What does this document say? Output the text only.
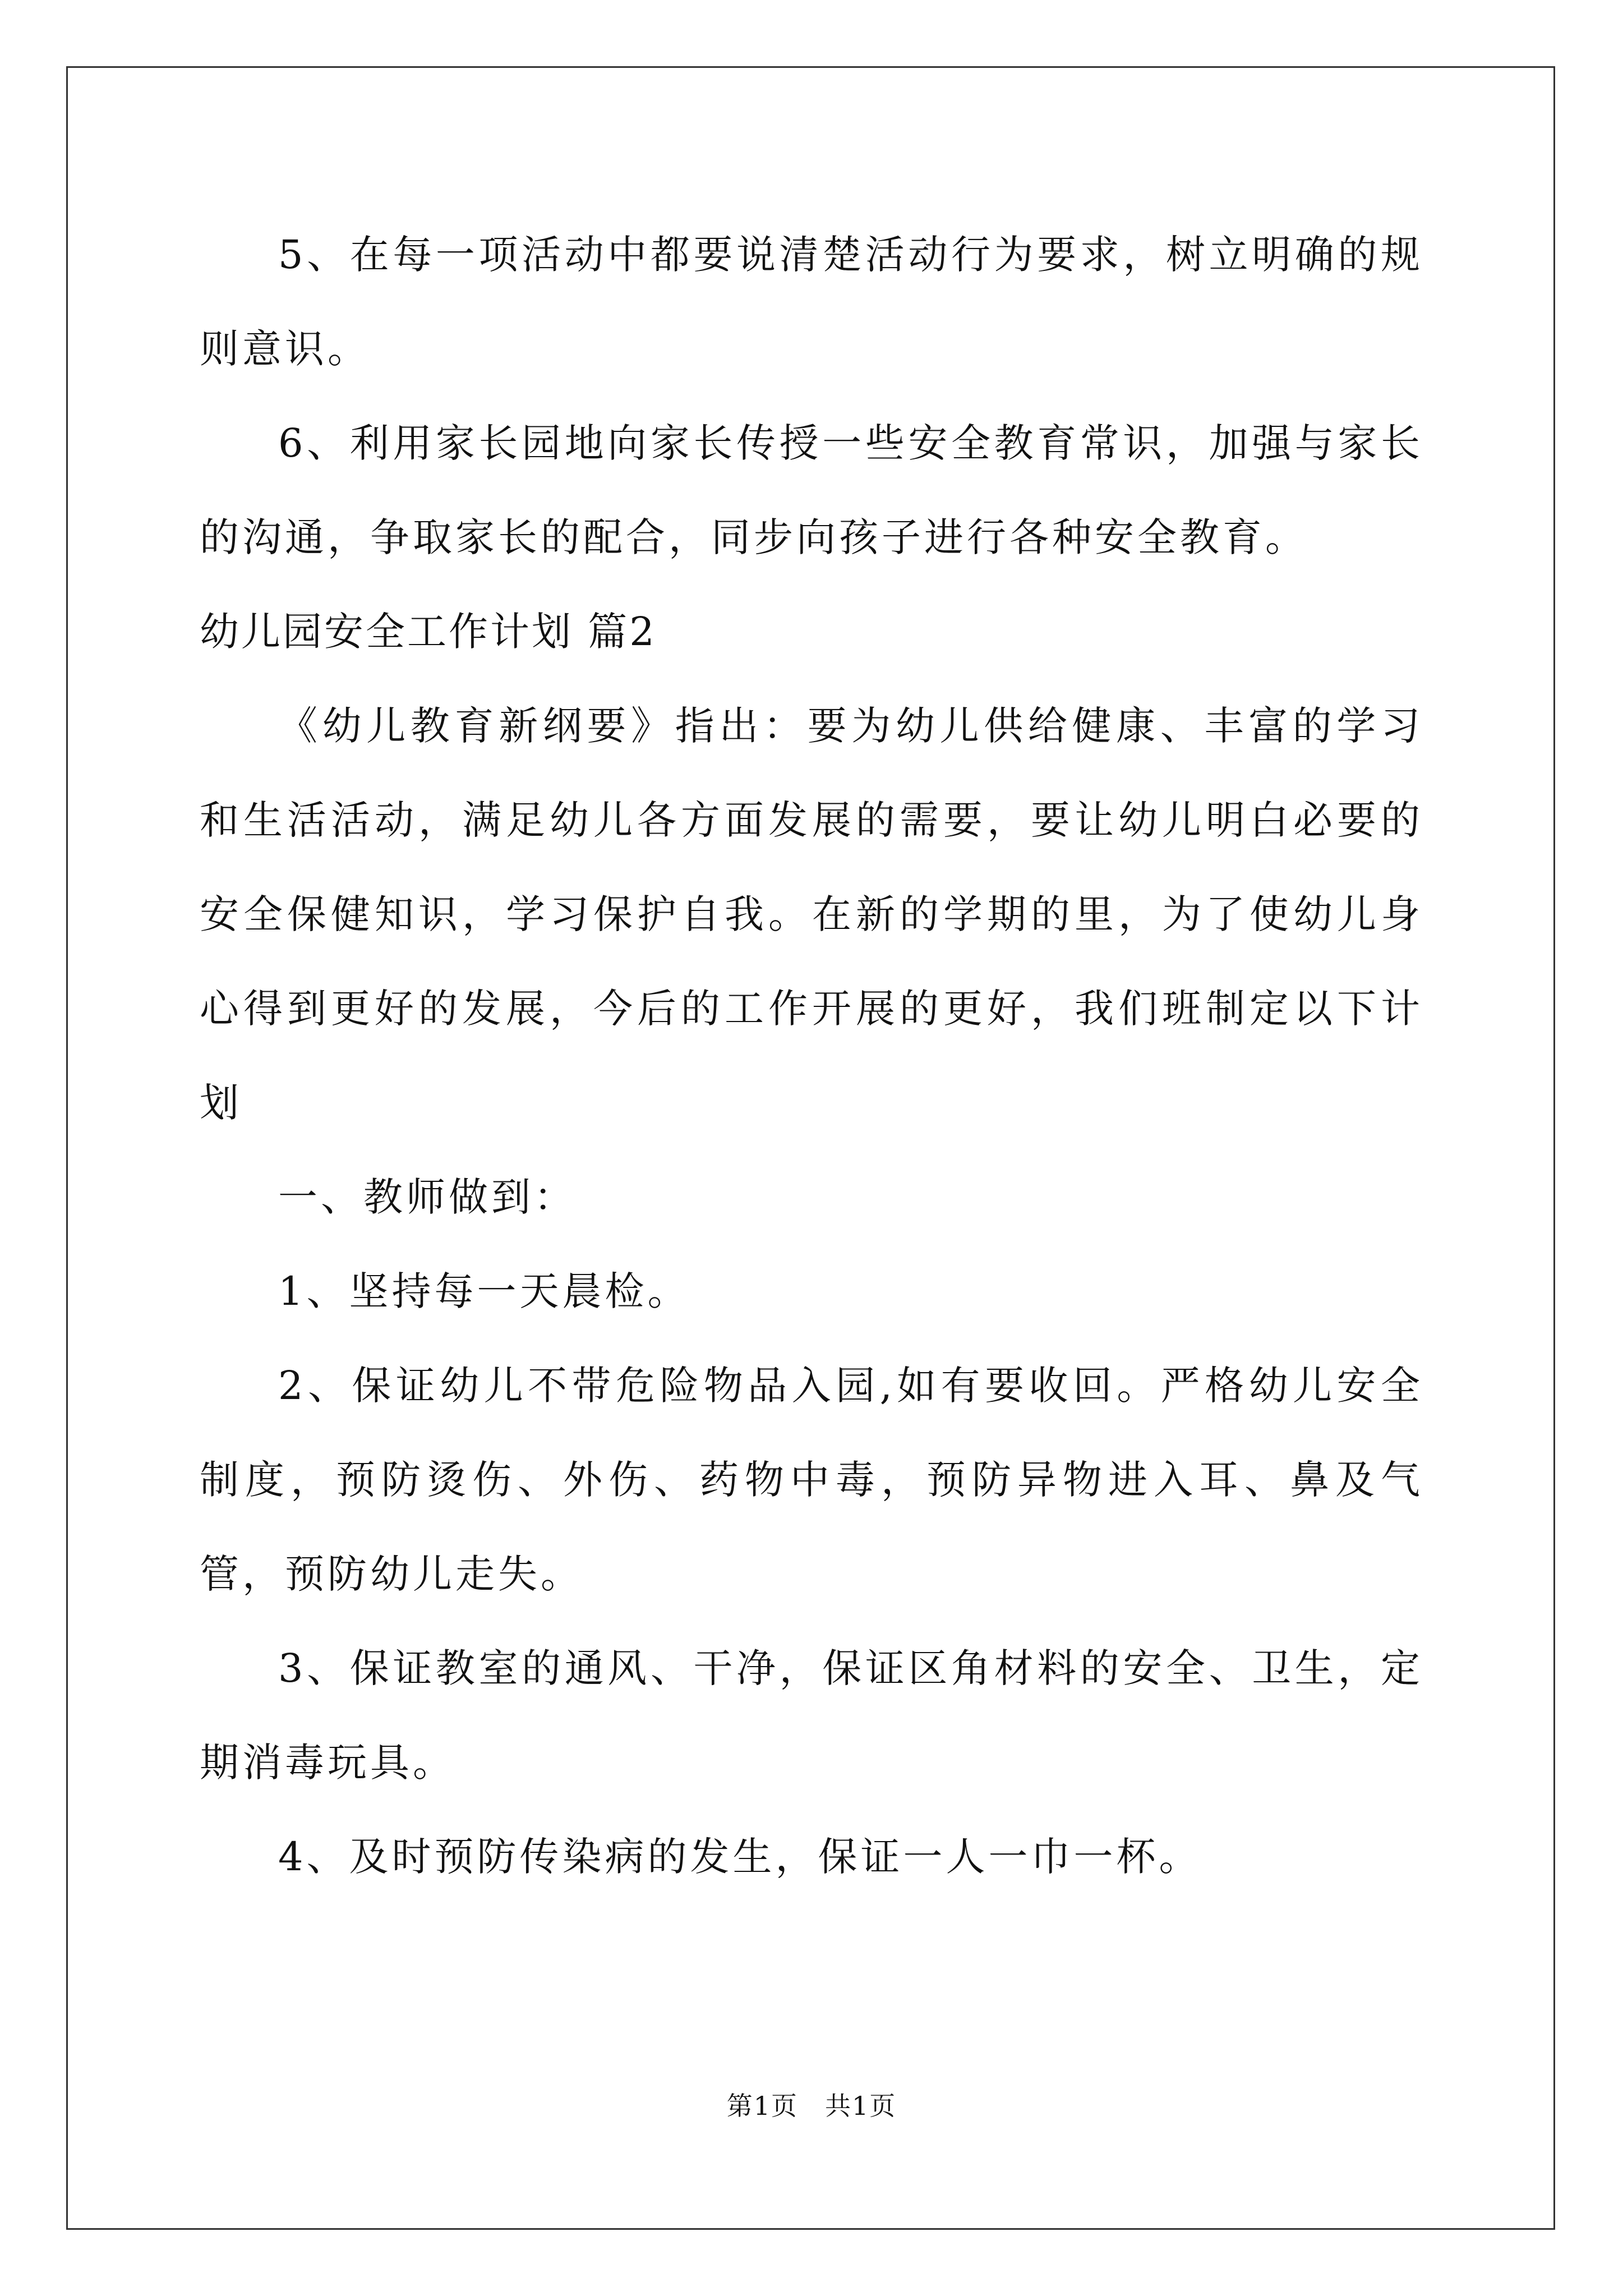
5、在每一项活动中都要说清楚活动行为要求，树立明确的规则意识。

6、利用家长园地向家长传授一些安全教育常识，加强与家长的沟通，争取家长的配合，同步向孩子进行各种安全教育。

幼儿园安全工作计划 篇2

《幼儿教育新纲要》指出：要为幼儿供给健康、丰富的学习和生活活动，满足幼儿各方面发展的需要，要让幼儿明白必要的安全保健知识，学习保护自我。在新的学期的里，为了使幼儿身心得到更好的发展，今后的工作开展的更好，我们班制定以下计划

一、教师做到：

1、坚持每一天晨检。

2、保证幼儿不带危险物品入园,如有要收回。严格幼儿安全制度，预防烫伤、外伤、药物中毒，预防异物进入耳、鼻及气管，预防幼儿走失。

3、保证教室的通风、干净，保证区角材料的安全、卫生，定期消毒玩具。

4、及时预防传染病的发生，保证一人一巾一杯。

第1页 共1页
